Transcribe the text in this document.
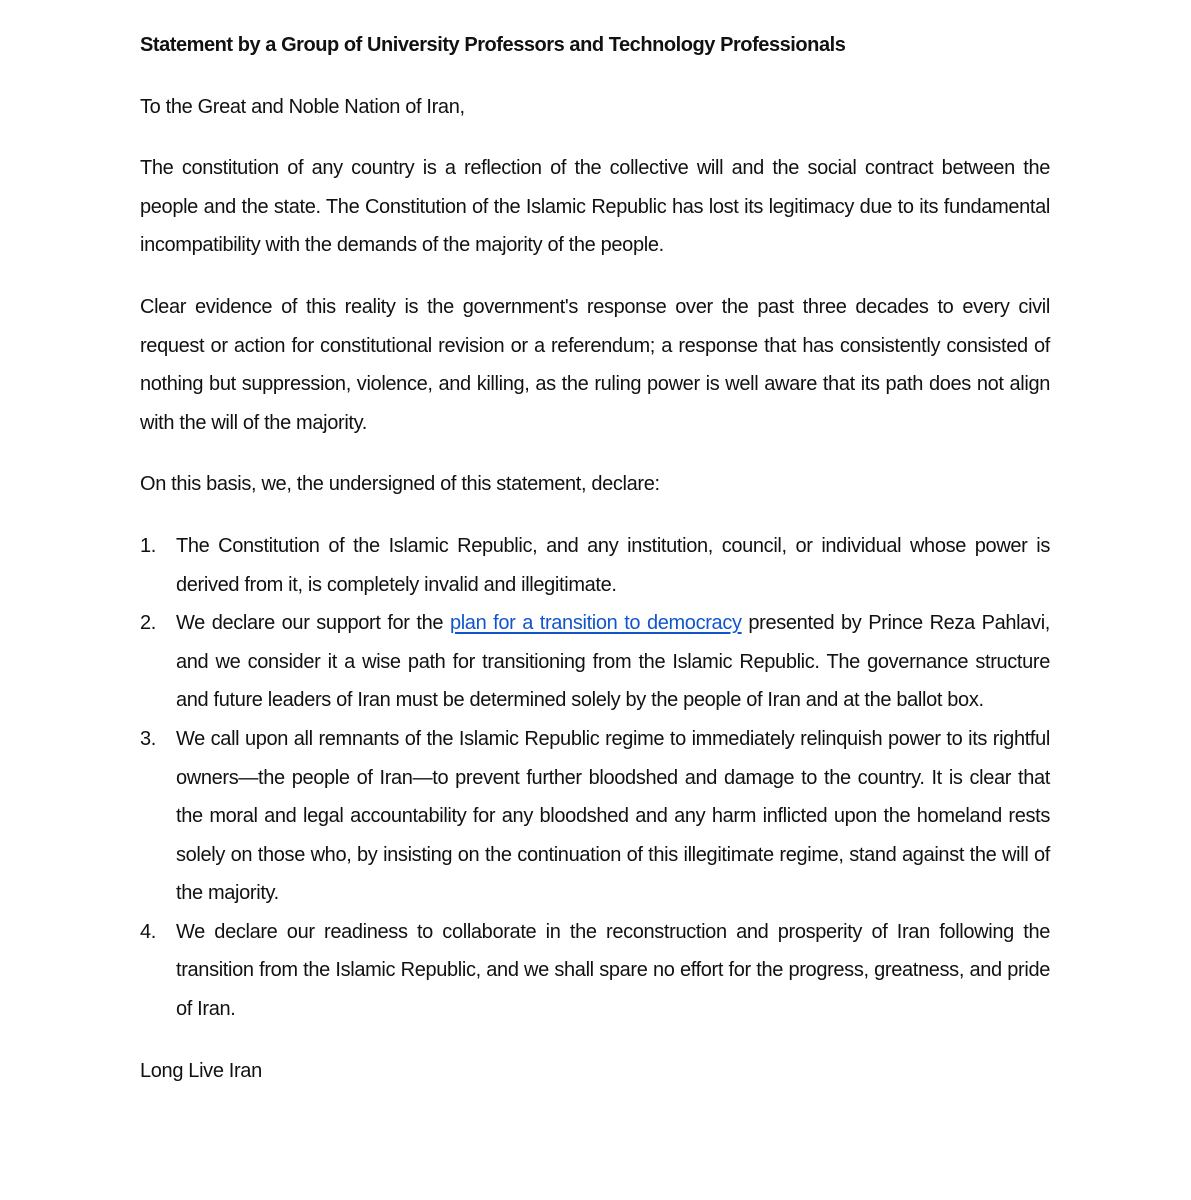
Statement by a Group of University Professors and Technology Professionals

To the Great and Noble Nation of Iran,

The constitution of any country is a reflection of the collective will and the social contract between the people and the state. The Constitution of the Islamic Republic has lost its legitimacy due to its fundamental incompatibility with the demands of the majority of the people.

Clear evidence of this reality is the government's response over the past three decades to every civil request or action for constitutional revision or a referendum; a response that has consistently consisted of nothing but suppression, violence, and killing, as the ruling power is well aware that its path does not align with the will of the majority.

On this basis, we, the undersigned of this statement, declare:

1. The Constitution of the Islamic Republic, and any institution, council, or individual whose power is derived from it, is completely invalid and illegitimate.
2. We declare our support for the plan for a transition to democracy presented by Prince Reza Pahlavi, and we consider it a wise path for transitioning from the Islamic Republic. The governance structure and future leaders of Iran must be determined solely by the people of Iran and at the ballot box.
3. We call upon all remnants of the Islamic Republic regime to immediately relinquish power to its rightful owners—the people of Iran—to prevent further bloodshed and damage to the country. It is clear that the moral and legal accountability for any bloodshed and any harm inflicted upon the homeland rests solely on those who, by insisting on the continuation of this illegitimate regime, stand against the will of the majority.
4. We declare our readiness to collaborate in the reconstruction and prosperity of Iran following the transition from the Islamic Republic, and we shall spare no effort for the progress, greatness, and pride of Iran.

Long Live Iran
